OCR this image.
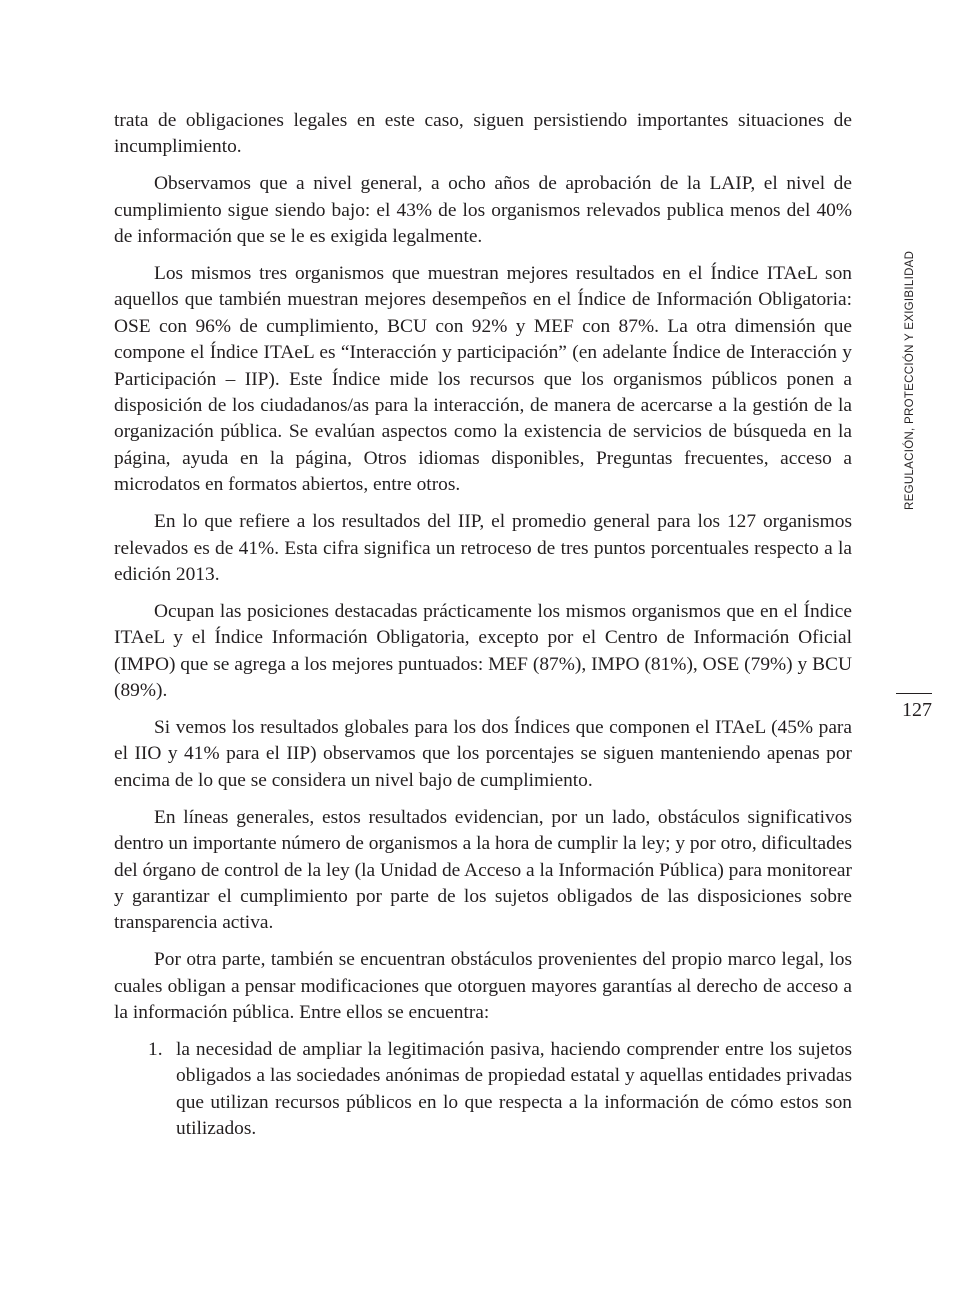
trata de obligaciones legales en este caso, siguen persistiendo importantes situaciones de incumplimiento.

Observamos que a nivel general, a ocho años de aprobación de la LAIP, el nivel de cumplimiento sigue siendo bajo: el 43% de los organismos relevados publica menos del 40% de información que se le es exigida legalmente.

Los mismos tres organismos que muestran mejores resultados en el Índice ITAeL son aquellos que también muestran mejores desempeños en el Índice de Información Obligatoria: OSE con 96% de cumplimiento, BCU con 92% y MEF con 87%. La otra dimensión que compone el Índice ITAeL es “Interacción y participación” (en adelante Índice de Interacción y Participación – IIP). Este Índice mide los recursos que los organismos públicos ponen a disposición de los ciudadanos/as para la interacción, de manera de acercarse a la gestión de la organización pública. Se evalúan aspectos como la existencia de servicios de búsqueda en la página, ayuda en la página, Otros idiomas disponibles, Preguntas frecuentes, acceso a microdatos en formatos abiertos, entre otros.

En lo que refiere a los resultados del IIP, el promedio general para los 127 organismos relevados es de 41%. Esta cifra significa un retroceso de tres puntos porcentuales respecto a la edición 2013.

Ocupan las posiciones destacadas prácticamente los mismos organismos que en el Índice ITAeL y el Índice Información Obligatoria, excepto por el Centro de Información Oficial (IMPO) que se agrega a los mejores puntuados: MEF (87%), IMPO (81%), OSE (79%) y BCU (89%).

Si vemos los resultados globales para los dos Índices que componen el ITAeL (45% para el IIO y 41% para el IIP) observamos que los porcentajes se siguen manteniendo apenas por encima de lo que se considera un nivel bajo de cumplimiento.

En líneas generales, estos resultados evidencian, por un lado, obstáculos significativos dentro un importante número de organismos a la hora de cumplir la ley; y por otro, dificultades del órgano de control de la ley (la Unidad de Acceso a la Información Pública) para monitorear y garantizar el cumplimiento por parte de los sujetos obligados de las disposiciones sobre transparencia activa.

Por otra parte, también se encuentran obstáculos provenientes del propio marco legal, los cuales obligan a pensar modificaciones que otorguen mayores garantías al derecho de acceso a la información pública. Entre ellos se encuentra:

1. la necesidad de ampliar la legitimación pasiva, haciendo comprender entre los sujetos obligados a las sociedades anónimas de propiedad estatal y aquellas entidades privadas que utilizan recursos públicos en lo que respecta a la información de cómo estos son utilizados.
REGULACIÓN, PROTECCIÓN Y EXIGIBILIDAD
127
